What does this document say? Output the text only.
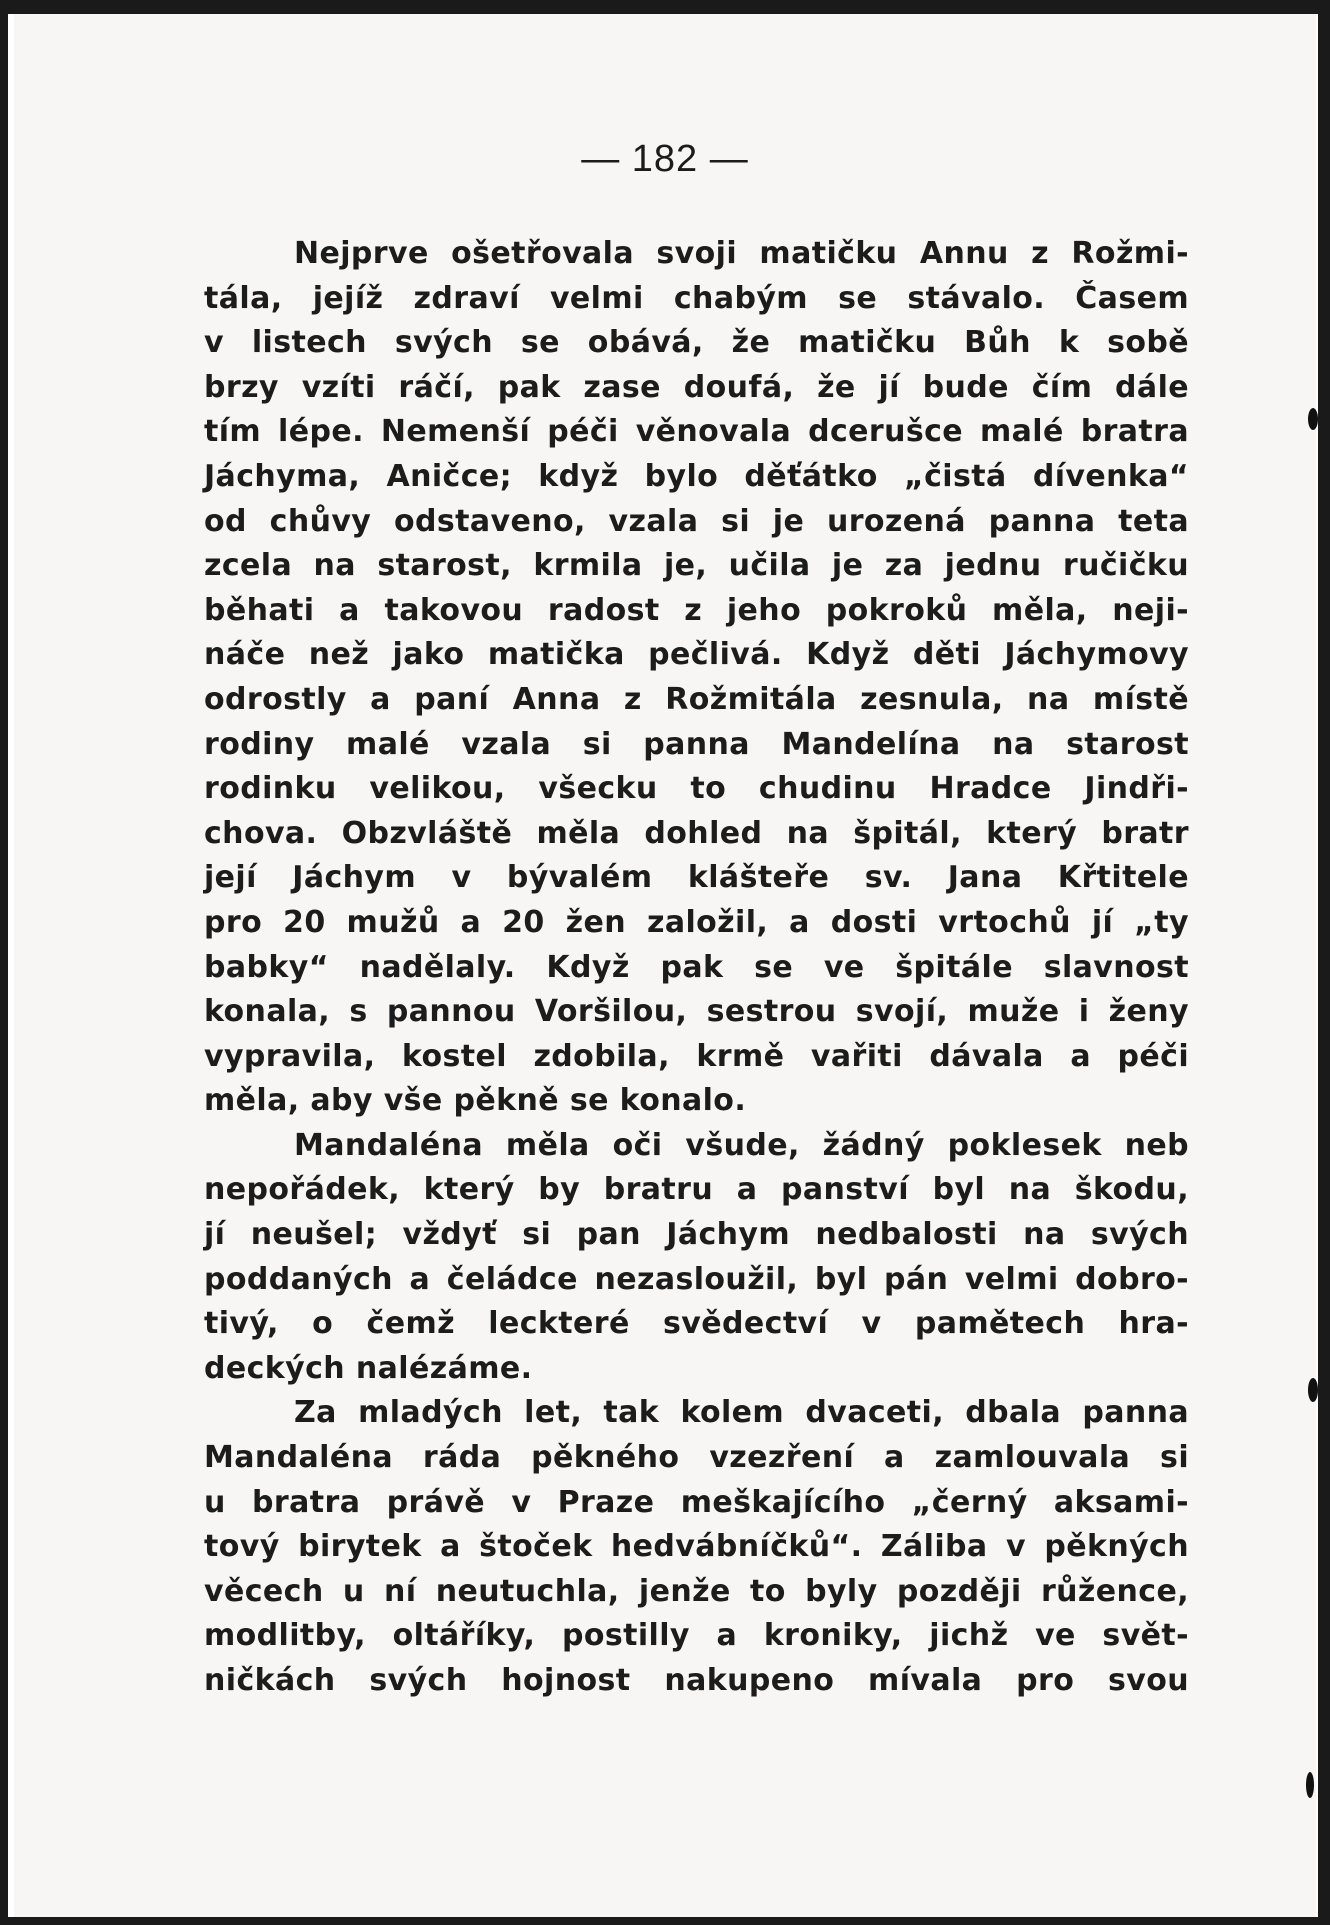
— 182 —
Nejprve ošetřovala svoji matičku Annu z Rožmi-
tála, jejíž zdraví velmi chabým se stávalo. Časem
v listech svých se obává, že matičku Bůh k sobě
brzy vzíti ráčí, pak zase doufá, že jí bude čím dále
tím lépe. Nemenší péči věnovala dcerušce malé bratra
Jáchyma, Aničce; když bylo děťátko „čistá dívenka“
od chůvy odstaveno, vzala si je urozená panna teta
zcela na starost, krmila je, učila je za jednu ručičku
běhati a takovou radost z jeho pokroků měla, neji-
náče než jako matička pečlivá. Když děti Jáchymovy
odrostly a paní Anna z Rožmitála zesnula, na místě
rodiny malé vzala si panna Mandelína na starost
rodinku velikou, všecku to chudinu Hradce Jindři-
chova. Obzvláště měla dohled na špitál, který bratr
její Jáchym v bývalém klášteře sv. Jana Křtitele
pro 20 mužů a 20 žen založil, a dosti vrtochů jí „ty
babky“ nadělaly. Když pak se ve špitále slavnost
konala, s pannou Voršilou, sestrou svojí, muže i ženy
vypravila, kostel zdobila, krmě vařiti dávala a péči
měla, aby vše pěkně se konalo.
Mandaléna měla oči všude, žádný poklesek neb
nepořádek, který by bratru a panství byl na škodu,
jí neušel; vždyť si pan Jáchym nedbalosti na svých
poddaných a čeládce nezasloužil, byl pán velmi dobro-
tivý, o čemž leckteré svědectví v pamětech hra-
deckých nalézáme.
Za mladých let, tak kolem dvaceti, dbala panna
Mandaléna ráda pěkného vzezření a zamlouvala si
u bratra právě v Praze meškajícího „černý aksami-
tový birytek a štoček hedvábníčků“. Záliba v pěkných
věcech u ní neutuchla, jenže to byly později růžence,
modlitby, oltáříky, postilly a kroniky, jichž ve svět-
ničkách svých hojnost nakupeno mívala pro svou
